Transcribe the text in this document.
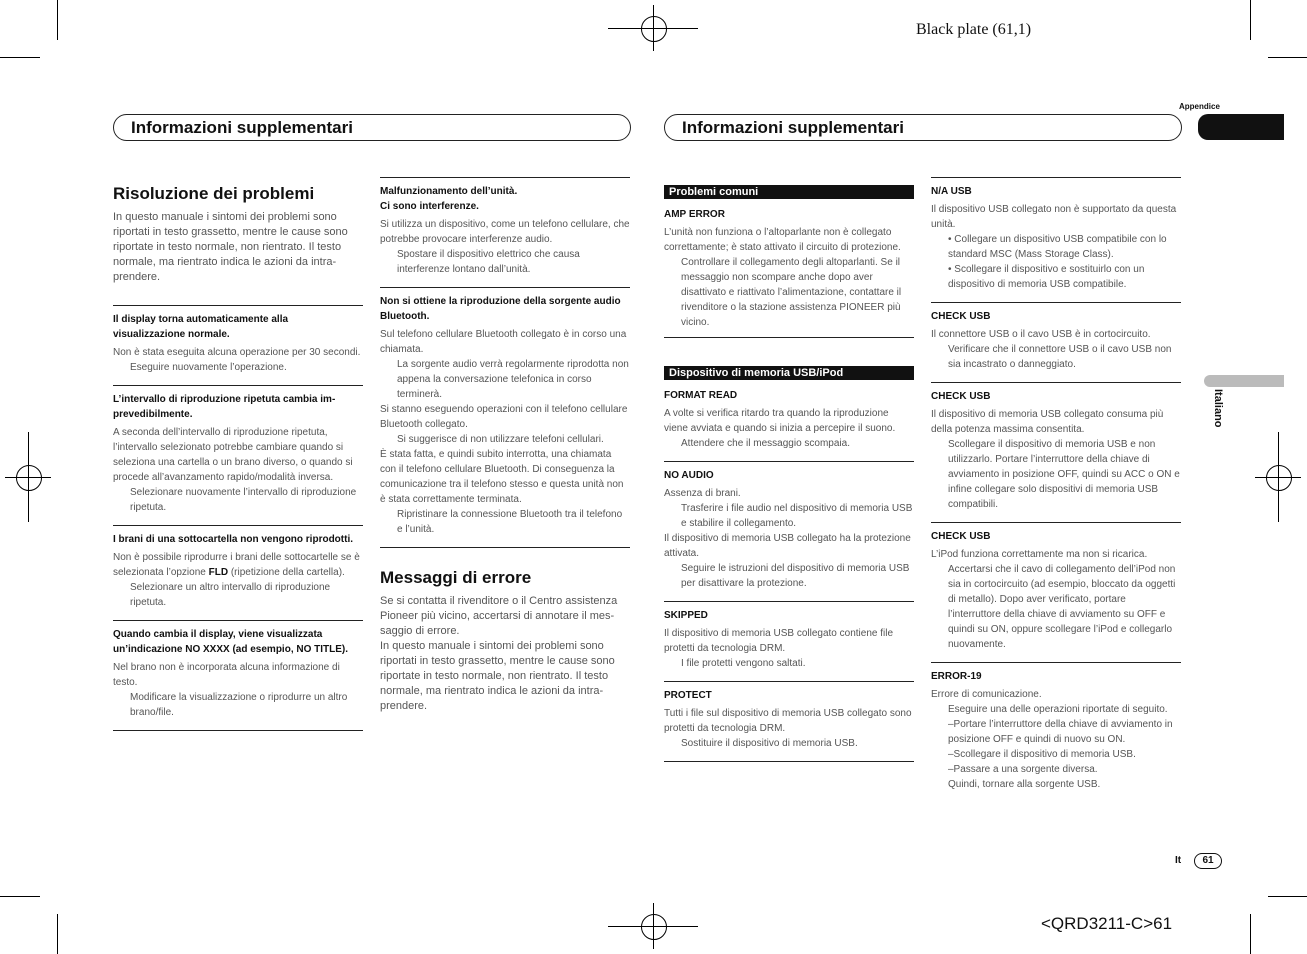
Black plate (61,1)
Appendice
Italiano
Informazioni supplementari	Informazioni supplementari
Risoluzione dei problemi
In questo manuale i sintomi dei problemi sono riportati in testo grassetto, mentre le cause sono riportate in testo normale, non rientrato. Il testo normale, ma rientrato indica le azioni da intraprendere.
Il display torna automaticamente alla visualizzazione normale.
Non è stata eseguita alcuna operazione per 30 secondi.
Eseguire nuovamente l’operazione.
L’intervallo di riproduzione ripetuta cambia imprevedibilmente.
A seconda dell’intervallo di riproduzione ripetuta, l’intervallo selezionato potrebbe cambiare quando si seleziona una cartella o un brano diverso, o quando si procede all’avanzamento rapido/modalità inversa.
Selezionare nuovamente l’intervallo di riproduzione ripetuta.
I brani di una sottocartella non vengono riprodotti.
Non è possibile riprodurre i brani delle sottocartelle se è selezionata l’opzione FLD (ripetizione della cartella).
Selezionare un altro intervallo di riproduzione ripetuta.
Quando cambia il display, viene visualizzata un’indicazione NO XXXX (ad esempio, NO TITLE).
Nel brano non è incorporata alcuna informazione di testo.
Modificare la visualizzazione o riprodurre un altro brano/file.
Malfunzionamento dell’unità.
Ci sono interferenze.
Si utilizza un dispositivo, come un telefono cellulare, che potrebbe provocare interferenze audio.
Spostare il dispositivo elettrico che causa interferenze lontano dall’unità.
Non si ottiene la riproduzione della sorgente audio Bluetooth.
Sul telefono cellulare Bluetooth collegato è in corso una chiamata.
La sorgente audio verrà regolarmente riprodotta non appena la conversazione telefonica in corso terminerà.
Si stanno eseguendo operazioni con il telefono cellulare Bluetooth collegato.
Si suggerisce di non utilizzare telefoni cellulari.
È stata fatta, e quindi subito interrotta, una chiamata con il telefono cellulare Bluetooth. Di conseguenza la comunicazione tra il telefono stesso e questa unità non è stata correttamente terminata.
Ripristinare la connessione Bluetooth tra il telefono e l’unità.
Messaggi di errore
Se si contatta il rivenditore o il Centro assistenza Pioneer più vicino, accertarsi di annotare il messaggio di errore.
In questo manuale i sintomi dei problemi sono riportati in testo grassetto, mentre le cause sono riportate in testo normale, non rientrato. Il testo normale, ma rientrato indica le azioni da intraprendere.
Problemi comuni
AMP ERROR
L’unità non funziona o l’altoparlante non è collegato correttamente; è stato attivato il circuito di protezione.
Controllare il collegamento degli altoparlanti. Se il messaggio non scompare anche dopo aver disattivato e riattivato l’alimentazione, contattare il rivenditore o la stazione assistenza PIONEER più vicino.
Dispositivo di memoria USB/iPod
FORMAT READ
A volte si verifica ritardo tra quando la riproduzione viene avviata e quando si inizia a percepire il suono.
Attendere che il messaggio scompaia.
NO AUDIO
Assenza di brani.
Trasferire i file audio nel dispositivo di memoria USB e stabilire il collegamento.
Il dispositivo di memoria USB collegato ha la protezione attivata.
Seguire le istruzioni del dispositivo di memoria USB per disattivare la protezione.
SKIPPED
Il dispositivo di memoria USB collegato contiene file protetti da tecnologia DRM.
I file protetti vengono saltati.
PROTECT
Tutti i file sul dispositivo di memoria USB collegato sono protetti da tecnologia DRM.
Sostituire il dispositivo di memoria USB.
N/A USB
Il dispositivo USB collegato non è supportato da questa unità.
• Collegare un dispositivo USB compatibile con lo standard MSC (Mass Storage Class).
• Scollegare il dispositivo e sostituirlo con un dispositivo di memoria USB compatibile.
CHECK USB
Il connettore USB o il cavo USB è in cortocircuito.
Verificare che il connettore USB o il cavo USB non sia incastrato o danneggiato.
CHECK USB
Il dispositivo di memoria USB collegato consuma più della potenza massima consentita.
Scollegare il dispositivo di memoria USB e non utilizzarlo. Portare l’interruttore della chiave di avviamento in posizione OFF, quindi su ACC o ON e infine collegare solo dispositivi di memoria USB compatibili.
CHECK USB
L’iPod funziona correttamente ma non si ricarica.
Accertarsi che il cavo di collegamento dell’iPod non sia in cortocircuito (ad esempio, bloccato da oggetti di metallo). Dopo aver verificato, portare l’interruttore della chiave di avviamento su OFF e quindi su ON, oppure scollegare l’iPod e collegarlo nuovamente.
ERROR-19
Errore di comunicazione.
Eseguire una delle operazioni riportate di seguito.
–Portare l’interruttore della chiave di avviamento in posizione OFF e quindi di nuovo su ON.
–Scollegare il dispositivo di memoria USB.
–Passare a una sorgente diversa.
Quindi, tornare alla sorgente USB.
It	61
<QRD3211-C>61
